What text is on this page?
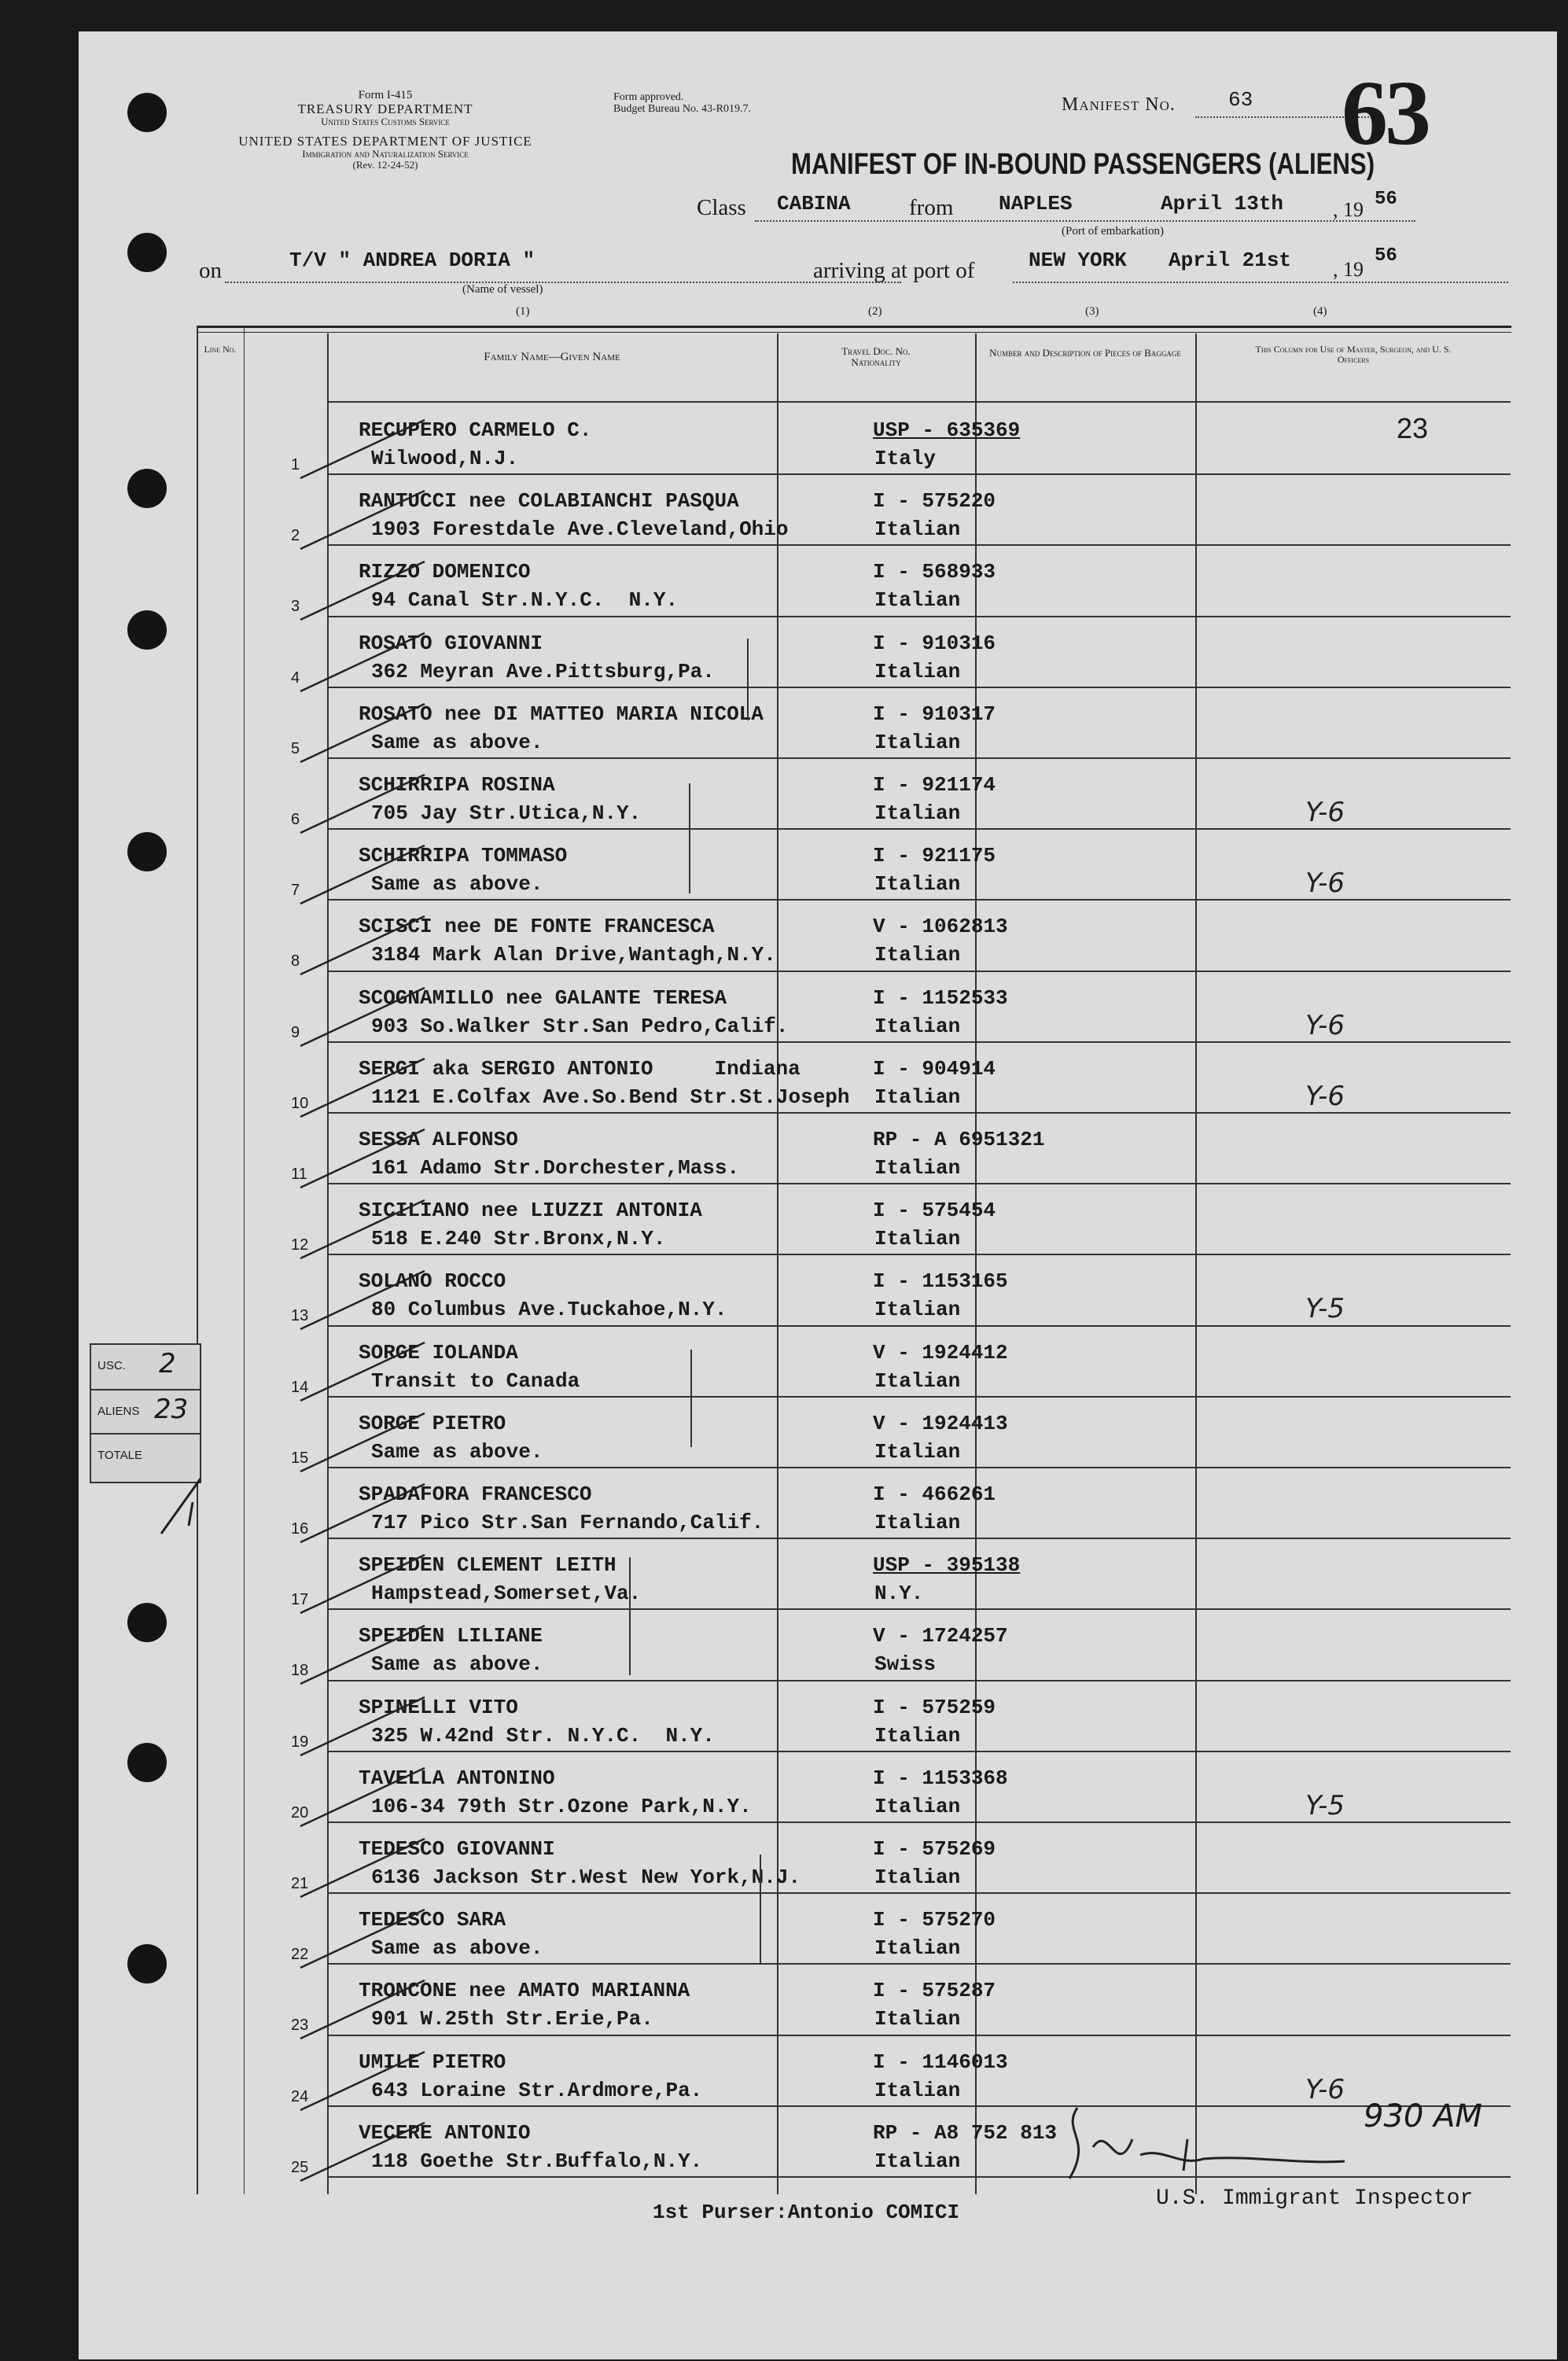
Form I-415
TREASURY DEPARTMENT
United States Customs Service
UNITED STATES DEPARTMENT OF JUSTICE
Immigration and Naturalization Service
(Rev. 12-24-52)
Form approved.
Budget Bureau No. 43-R019.7.	Manifest No.	63 63
MANIFEST OF IN-BOUND PASSENGERS (ALIENS)
Class CABINA	from NAPLES	April 13th , 19 56
(Port of embarkation)
on	T/V " ANDREA DORIA "
(Name of vessel)
arriving at port of	NEW YORK April 21st , 19
56
(1)	(2)	(3)	(4)
Line No.
Family Name—Given Name	Travel Doc. No. Nationality
Number and Description of Pieces of Baggage	This Column for Use of Master, Surgeon, and U. S. Officers
1
RECUPERO CARMELO C.
Wilwood,N.J.
USP - 635369
Italy
2
RANTUCCI nee COLABIANCHI PASQUA
1903 Forestdale Ave.Cleveland,Ohio
I - 575220
Italian
3
RIZZO DOMENICO
94 Canal Str.N.Y.C.  N.Y.
I - 568933
Italian
4
ROSATO GIOVANNI
362 Meyran Ave.Pittsburg,Pa.
I - 910316
Italian
5
ROSATO nee DI MATTEO MARIA NICOLA
Same as above.
I - 910317
Italian
6
SCHIRRIPA ROSINA
705 Jay Str.Utica,N.Y.
I - 921174
Italian	Y-6
7
SCHIRRIPA TOMMASO
Same as above.
I - 921175
Italian	Y-6
8
SCISCI nee DE FONTE FRANCESCA
3184 Mark Alan Drive,Wantagh,N.Y.
V - 1062813
Italian
9
SCOGNAMILLO nee GALANTE TERESA
903 So.Walker Str.San Pedro,Calif.
I - 1152533
Italian	Y-6
10
SERGI aka SERGIO ANTONIO     Indiana
1121 E.Colfax Ave.So.Bend Str.St.Joseph
I - 904914
Italian	Y-6
11
SESSA ALFONSO
161 Adamo Str.Dorchester,Mass.
RP - A 6951321
Italian
12
SICILIANO nee LIUZZI ANTONIA
518 E.240 Str.Bronx,N.Y.
I - 575454
Italian
13
SOLANO ROCCO
80 Columbus Ave.Tuckahoe,N.Y.
I - 1153165
Italian	Y-5
14
SORGE IOLANDA
Transit to Canada
V - 1924412
Italian
15
SORGE PIETRO
Same as above.
V - 1924413
Italian
16
SPADAFORA FRANCESCO
717 Pico Str.San Fernando,Calif.
I - 466261
Italian
17
SPEIDEN CLEMENT LEITH
Hampstead,Somerset,Va.
USP - 395138
N.Y.
18
SPEIDEN LILIANE
Same as above.
V - 1724257
Swiss
19
SPINELLI VITO
325 W.42nd Str. N.Y.C.  N.Y.
I - 575259
Italian
20
TAVELLA ANTONINO
106-34 79th Str.Ozone Park,N.Y.
I - 1153368
Italian	Y-5
21
TEDESCO GIOVANNI
6136 Jackson Str.West New York,N.J.
I - 575269
Italian
22
TEDESCO SARA
Same as above.
I - 575270
Italian
23
TRONCONE nee AMATO MARIANNA
901 W.25th Str.Erie,Pa.
I - 575287
Italian
24
UMILE PIETRO
643 Loraine Str.Ardmore,Pa.
I - 1146013
Italian	Y-6
25
VECERE ANTONIO
118 Goethe Str.Buffalo,N.Y.
RP - A8 752 813
Italian
23
USC. 2
ALIENS 23
TOTALE
930 AM
1st Purser:Antonio COMICI
U.S. Immigrant Inspector
